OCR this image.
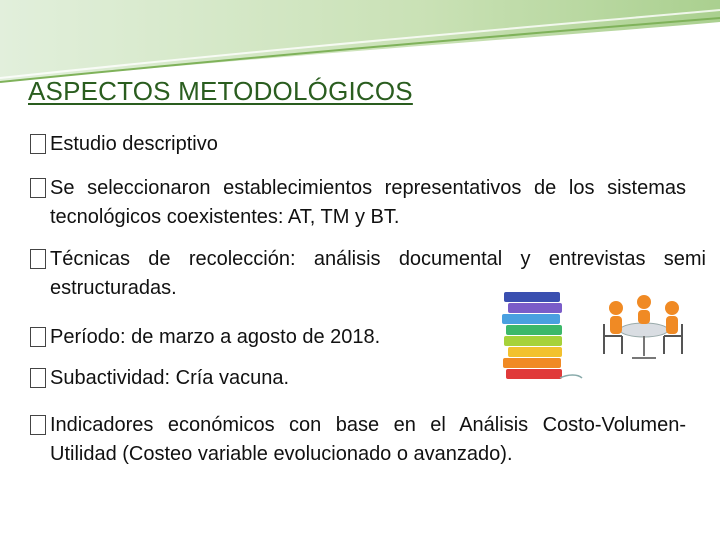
ASPECTOS METODOLÓGICOS
Estudio descriptivo
Se seleccionaron establecimientos representativos de los sistemas tecnológicos coexistentes: AT, TM y BT.
Técnicas de recolección: análisis documental y entrevistas semi estructuradas.
Período: de marzo a agosto de 2018.
Subactividad: Cría vacuna.
Indicadores económicos con base en el Análisis Costo-Volumen-Utilidad (Costeo variable evolucionado o avanzado).
